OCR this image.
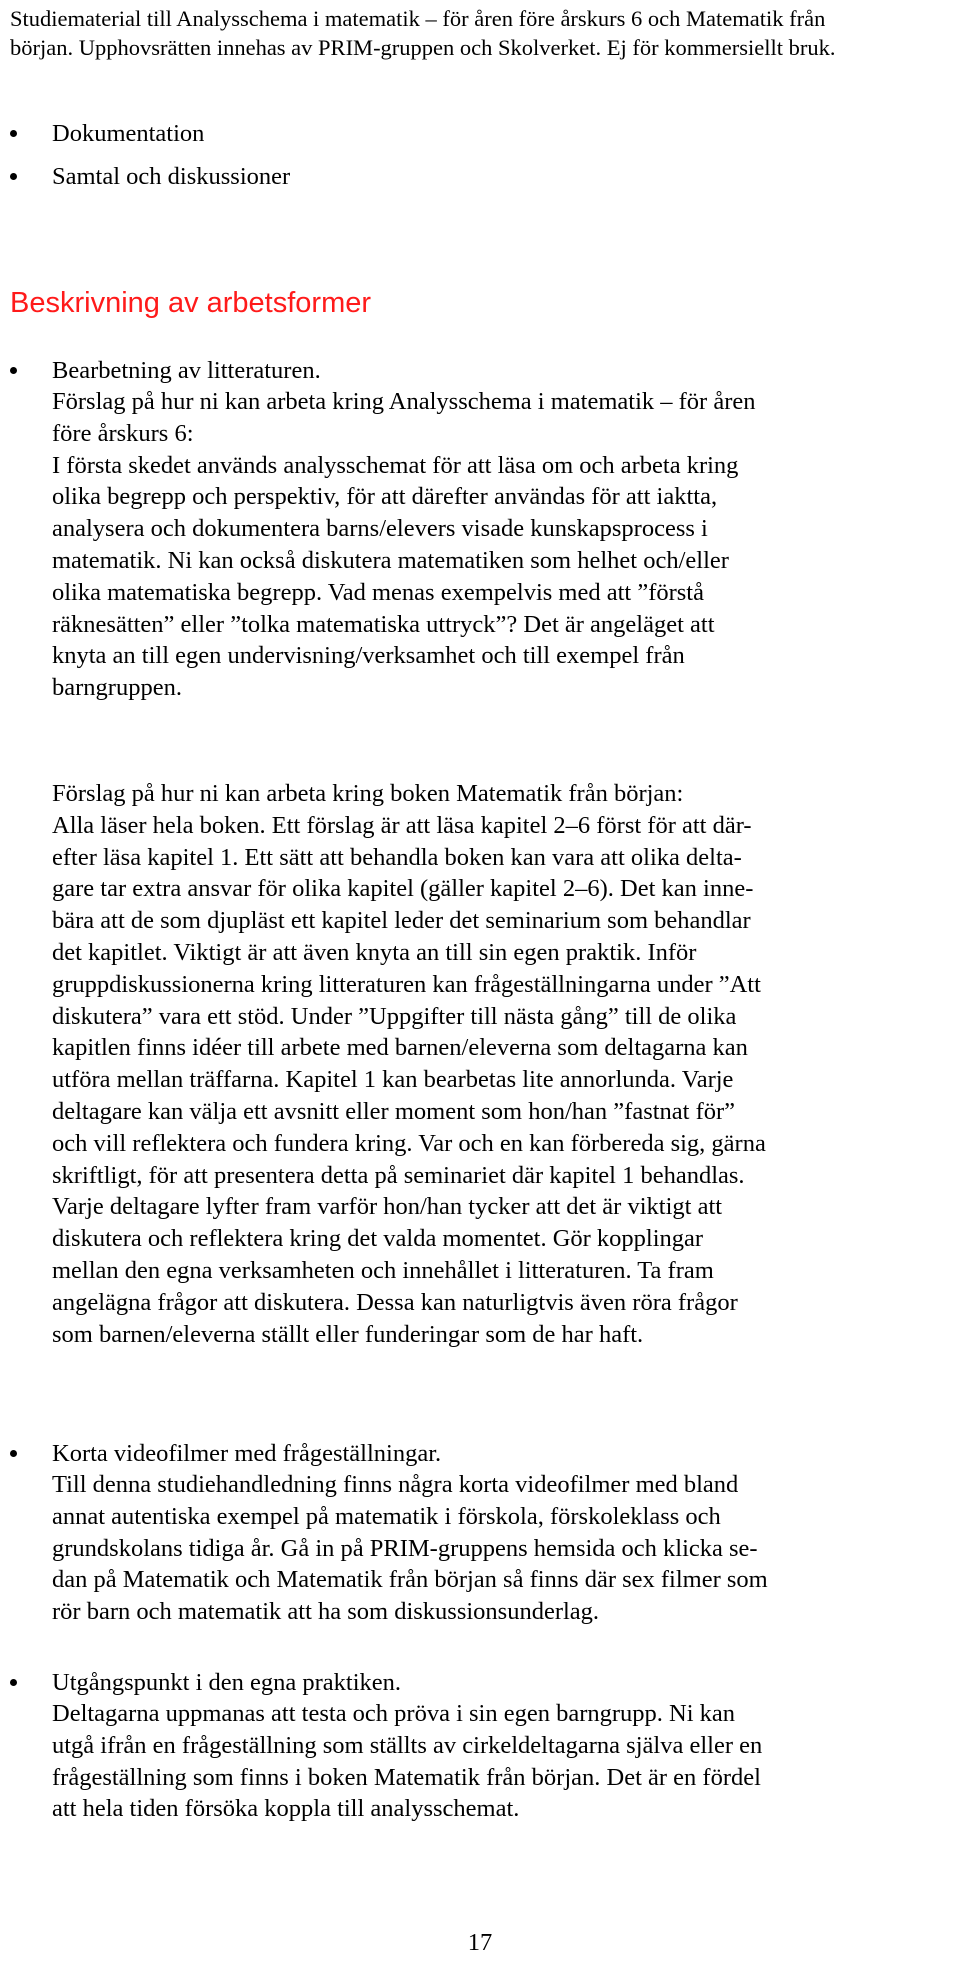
Studiematerial till Analysschema i matematik – för åren före årskurs 6 och Matematik från

början. Upphovsrätten innehas av PRIM-gruppen och Skolverket. Ej för kommersiellt bruk.

Dokumentation
Samtal och diskussioner
Beskrivning av arbetsformer
Bearbetning av litteraturen.

Förslag på hur ni kan arbeta kring Analysschema i matematik – för åren
före årskurs 6:
I första skedet används analysschemat för att läsa om och arbeta kring
olika begrepp och perspektiv, för att därefter användas för att iaktta,
analysera och dokumentera barns/elevers visade kunskapsprocess i
matematik. Ni kan också diskutera matematiken som helhet och/eller
olika matematiska begrepp. Vad menas exempelvis med att ”förstå
räknesätten” eller ”tolka matematiska uttryck”? Det är angeläget att
knyta an till egen undervisning/verksamhet och till exempel från
barngruppen.

Förslag på hur ni kan arbeta kring boken Matematik från början:
Alla läser hela boken. Ett förslag är att läsa kapitel 2–6 först för att där-
efter läsa kapitel 1. Ett sätt att behandla boken kan vara att olika delta-
gare tar extra ansvar för olika kapitel (gäller kapitel 2–6). Det kan inne-
bära att de som djupläst ett kapitel leder det seminarium som behandlar
det kapitlet. Viktigt är att även knyta an till sin egen praktik. Inför
gruppdiskussionerna kring litteraturen kan frågeställningarna under ”Att
diskutera” vara ett stöd. Under ”Uppgifter till nästa gång” till de olika
kapitlen finns idéer till arbete med barnen/eleverna som deltagarna kan
utföra mellan träffarna. Kapitel 1 kan bearbetas lite annorlunda. Varje
deltagare kan välja ett avsnitt eller moment som hon/han ”fastnat för”
och vill reflektera och fundera kring. Var och en kan förbereda sig, gärna
skriftligt, för att presentera detta på seminariet där kapitel 1 behandlas.
Varje deltagare lyfter fram varför hon/han tycker att det är viktigt att
diskutera och reflektera kring det valda momentet. Gör kopplingar
mellan den egna verksamheten och innehållet i litteraturen. Ta fram
angelägna frågor att diskutera. Dessa kan naturligtvis även röra frågor
som barnen/eleverna ställt eller funderingar som de har haft.

Korta videofilmer med frågeställningar.

Till denna studiehandledning finns några korta videofilmer med bland
annat autentiska exempel på matematik i förskola, förskoleklass och
grundskolans tidiga år. Gå in på PRIM-gruppens hemsida och klicka se-
dan på Matematik och Matematik från början så finns där sex filmer som
rör barn och matematik att ha som diskussionsunderlag.

Utgångspunkt i den egna praktiken.

Deltagarna uppmanas att testa och pröva i sin egen barngrupp. Ni kan
utgå ifrån en frågeställning som ställts av cirkeldeltagarna själva eller en
frågeställning som finns i boken Matematik från början. Det är en fördel
att hela tiden försöka koppla till analysschemat.

17
